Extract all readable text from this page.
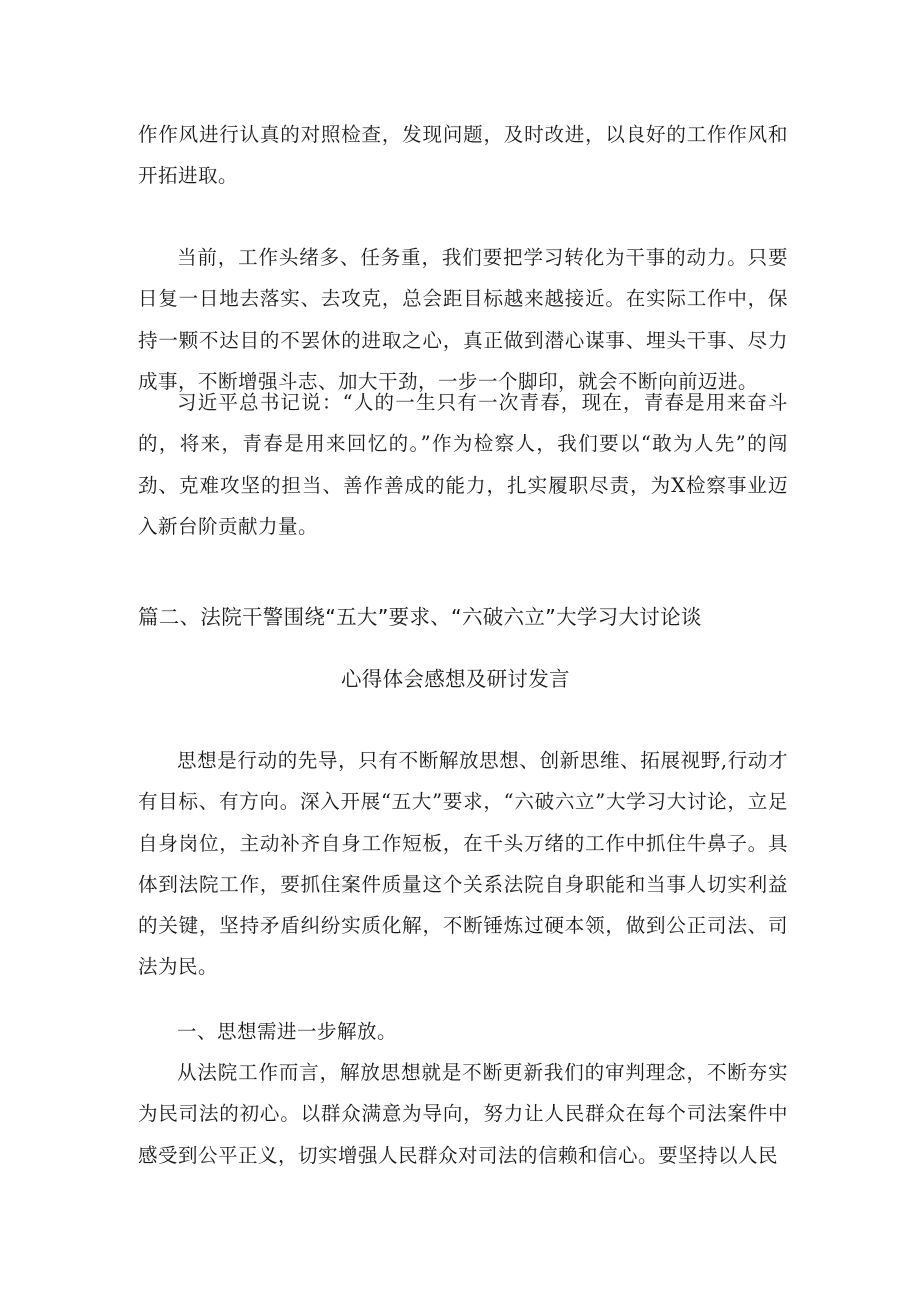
作作风进行认真的对照检查，发现问题，及时改进，以良好的工作作风和开拓进取。

当前，工作头绪多、任务重，我们要把学习转化为干事的动力。只要日复一日地去落实、去攻克，总会距目标越来越接近。在实际工作中，保持一颗不达目的不罢休的进取之心，真正做到潜心谋事、埋头干事、尽力成事，不断增强斗志、加大干劲，一步一个脚印，就会不断向前迈进。

习近平总书记说：“人的一生只有一次青春，现在，青春是用来奋斗的，将来，青春是用来回忆的。”作为检察人，我们要以“敢为人先”的闯劲、克难攻坚的担当、善作善成的能力，扎实履职尽责，为X检察事业迈入新台阶贡献力量。

篇二、法院干警围绕“五大”要求、“六破六立”大学习大讨论谈
心得体会感想及研讨发言

思想是行动的先导，只有不断解放思想、创新思维、拓展视野,行动才有目标、有方向。深入开展“五大”要求，“六破六立”大学习大讨论，立足自身岗位，主动补齐自身工作短板，在千头万绪的工作中抓住牛鼻子。具体到法院工作，要抓住案件质量这个关系法院自身职能和当事人切实利益的关键，坚持矛盾纠纷实质化解，不断锤炼过硬本领，做到公正司法、司法为民。

一、思想需进一步解放。

从法院工作而言，解放思想就是不断更新我们的审判理念，不断夯实为民司法的初心。以群众满意为导向，努力让人民群众在每个司法案件中感受到公平正义，切实增强人民群众对司法的信赖和信心。要坚持以人民
